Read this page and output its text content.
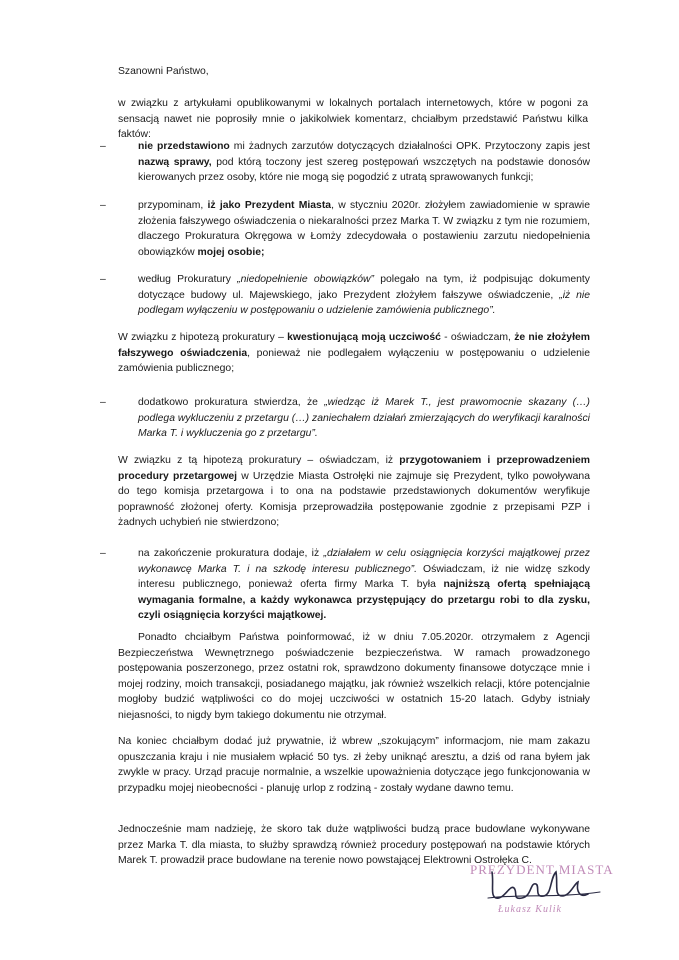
Szanowni Państwo,
w związku z artykułami opublikowanymi w lokalnych portalach internetowych, które w pogoni za sensacją nawet nie poprosiły mnie o jakikolwiek komentarz, chciałbym przedstawić Państwu kilka faktów:
–	nie przedstawiono mi żadnych zarzutów dotyczących działalności OPK. Przytoczony zapis jest nazwą sprawy, pod którą toczony jest szereg postępowań wszczętych na podstawie donosów kierowanych przez osoby, które nie mogą się pogodzić z utratą sprawowanych funkcji;
–	przypominam, iż jako Prezydent Miasta, w styczniu 2020r. złożyłem zawiadomienie w sprawie złożenia fałszywego oświadczenia o niekaralności przez Marka T. W związku z tym nie rozumiem, dlaczego Prokuratura Okręgowa w Łomży zdecydowała o postawieniu zarzutu niedopełnienia obowiązków mojej osobie;
–	według Prokuratury „niedopełnienie obowiązków” polegało na tym, iż podpisując dokumenty dotyczące budowy ul. Majewskiego, jako Prezydent złożyłem fałszywe oświadczenie, „iż nie podlegam wyłączeniu w postępowaniu o udzielenie zamówienia publicznego”.
W związku z hipotezą prokuratury – kwestionującą moją uczciwość - oświadczam, że nie złożyłem fałszywego oświadczenia, ponieważ nie podlegałem wyłączeniu w postępowaniu o udzielenie zamówienia publicznego;
–	dodatkowo prokuratura stwierdza, że „wiedząc iż Marek T., jest prawomocnie skazany (…) podlega wykluczeniu z przetargu (…) zaniechałem działań zmierzających do weryfikacji karalności Marka T. i wykluczenia go z przetargu”.
W związku z tą hipotezą prokuratury – oświadczam, iż przygotowaniem i przeprowadzeniem procedury przetargowej w Urzędzie Miasta Ostrołęki nie zajmuje się Prezydent, tylko powoływana do tego komisja przetargowa i to ona na podstawie przedstawionych dokumentów weryfikuje poprawność złożonej oferty. Komisja przeprowadziła postępowanie zgodnie z przepisami PZP i żadnych uchybień nie stwierdzono;
–	na zakończenie prokuratura dodaje, iż „działałem w celu osiągnięcia korzyści majątkowej przez wykonawcę Marka T. i na szkodę interesu publicznego”. Oświadczam, iż nie widzę szkody interesu publicznego, ponieważ oferta firmy Marka T. była najniższą ofertą spełniającą wymagania formalne, a każdy wykonawca przystępujący do przetargu robi to dla zysku, czyli osiągnięcia korzyści majątkowej.
Ponadto chciałbym Państwa poinformować, iż w dniu 7.05.2020r. otrzymałem z Agencji Bezpieczeństwa Wewnętrznego poświadczenie bezpieczeństwa. W ramach prowadzonego postępowania poszerzonego, przez ostatni rok, sprawdzono dokumenty finansowe dotyczące mnie i mojej rodziny, moich transakcji, posiadanego majątku, jak również wszelkich relacji, które potencjalnie mogłoby budzić wątpliwości co do mojej uczciwości w ostatnich 15-20 latach. Gdyby istniały niejasności, to nigdy bym takiego dokumentu nie otrzymał.
Na koniec chciałbym dodać już prywatnie, iż wbrew „szokującym” informacjom, nie mam zakazu opuszczania kraju i nie musiałem wpłacić 50 tys. zł żeby uniknąć aresztu, a dziś od rana byłem jak zwykle w pracy. Urząd pracuje normalnie, a wszelkie upoważnienia dotyczące jego funkcjonowania w przypadku mojej nieobecności - planuję urlop z rodziną - zostały wydane dawno temu.
Jednocześnie mam nadzieję, że skoro tak duże wątpliwości budzą prace budowlane wykonywane przez Marka T. dla miasta, to służby sprawdzą również procedury postępowań na podstawie których Marek T. prowadził prace budowlane na terenie nowo powstającej Elektrowni Ostrołęka C.
PREZYDENT MIASTA
Łukasz Kulik
